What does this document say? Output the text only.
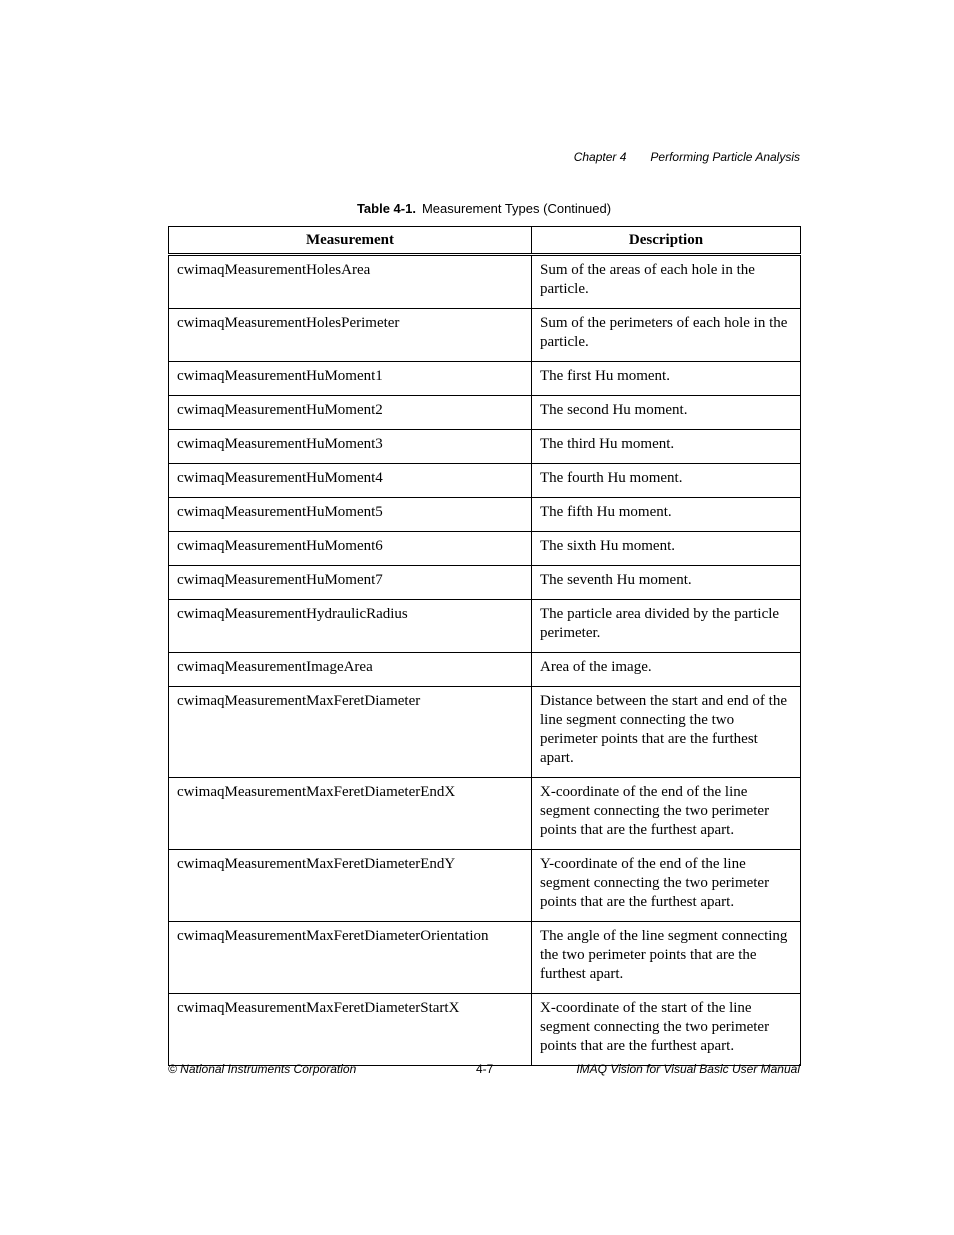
Chapter 4 Performing Particle Analysis
Table 4-1. Measurement Types (Continued)
Measurement	Description
cwimaqMeasurementHolesArea	Sum of the areas of each hole in the particle.
cwimaqMeasurementHolesPerimeter	Sum of the perimeters of each hole in the particle.
cwimaqMeasurementHuMoment1	The first Hu moment.
cwimaqMeasurementHuMoment2	The second Hu moment.
cwimaqMeasurementHuMoment3	The third Hu moment.
cwimaqMeasurementHuMoment4	The fourth Hu moment.
cwimaqMeasurementHuMoment5	The fifth Hu moment.
cwimaqMeasurementHuMoment6	The sixth Hu moment.
cwimaqMeasurementHuMoment7	The seventh Hu moment.
cwimaqMeasurementHydraulicRadius	The particle area divided by the particle perimeter.
cwimaqMeasurementImageArea	Area of the image.
cwimaqMeasurementMaxFeretDiameter	Distance between the start and end of the line segment connecting the two perimeter points that are the furthest apart.
cwimaqMeasurementMaxFeretDiameterEndX	X-coordinate of the end of the line segment connecting the two perimeter points that are the furthest apart.
cwimaqMeasurementMaxFeretDiameterEndY	Y-coordinate of the end of the line segment connecting the two perimeter points that are the furthest apart.
cwimaqMeasurementMaxFeretDiameterOrientation	The angle of the line segment connecting the two perimeter points that are the furthest apart.
cwimaqMeasurementMaxFeretDiameterStartX	X-coordinate of the start of the line segment connecting the two perimeter points that are the furthest apart.
© National Instruments Corporation	4-7	IMAQ Vision for Visual Basic User Manual
